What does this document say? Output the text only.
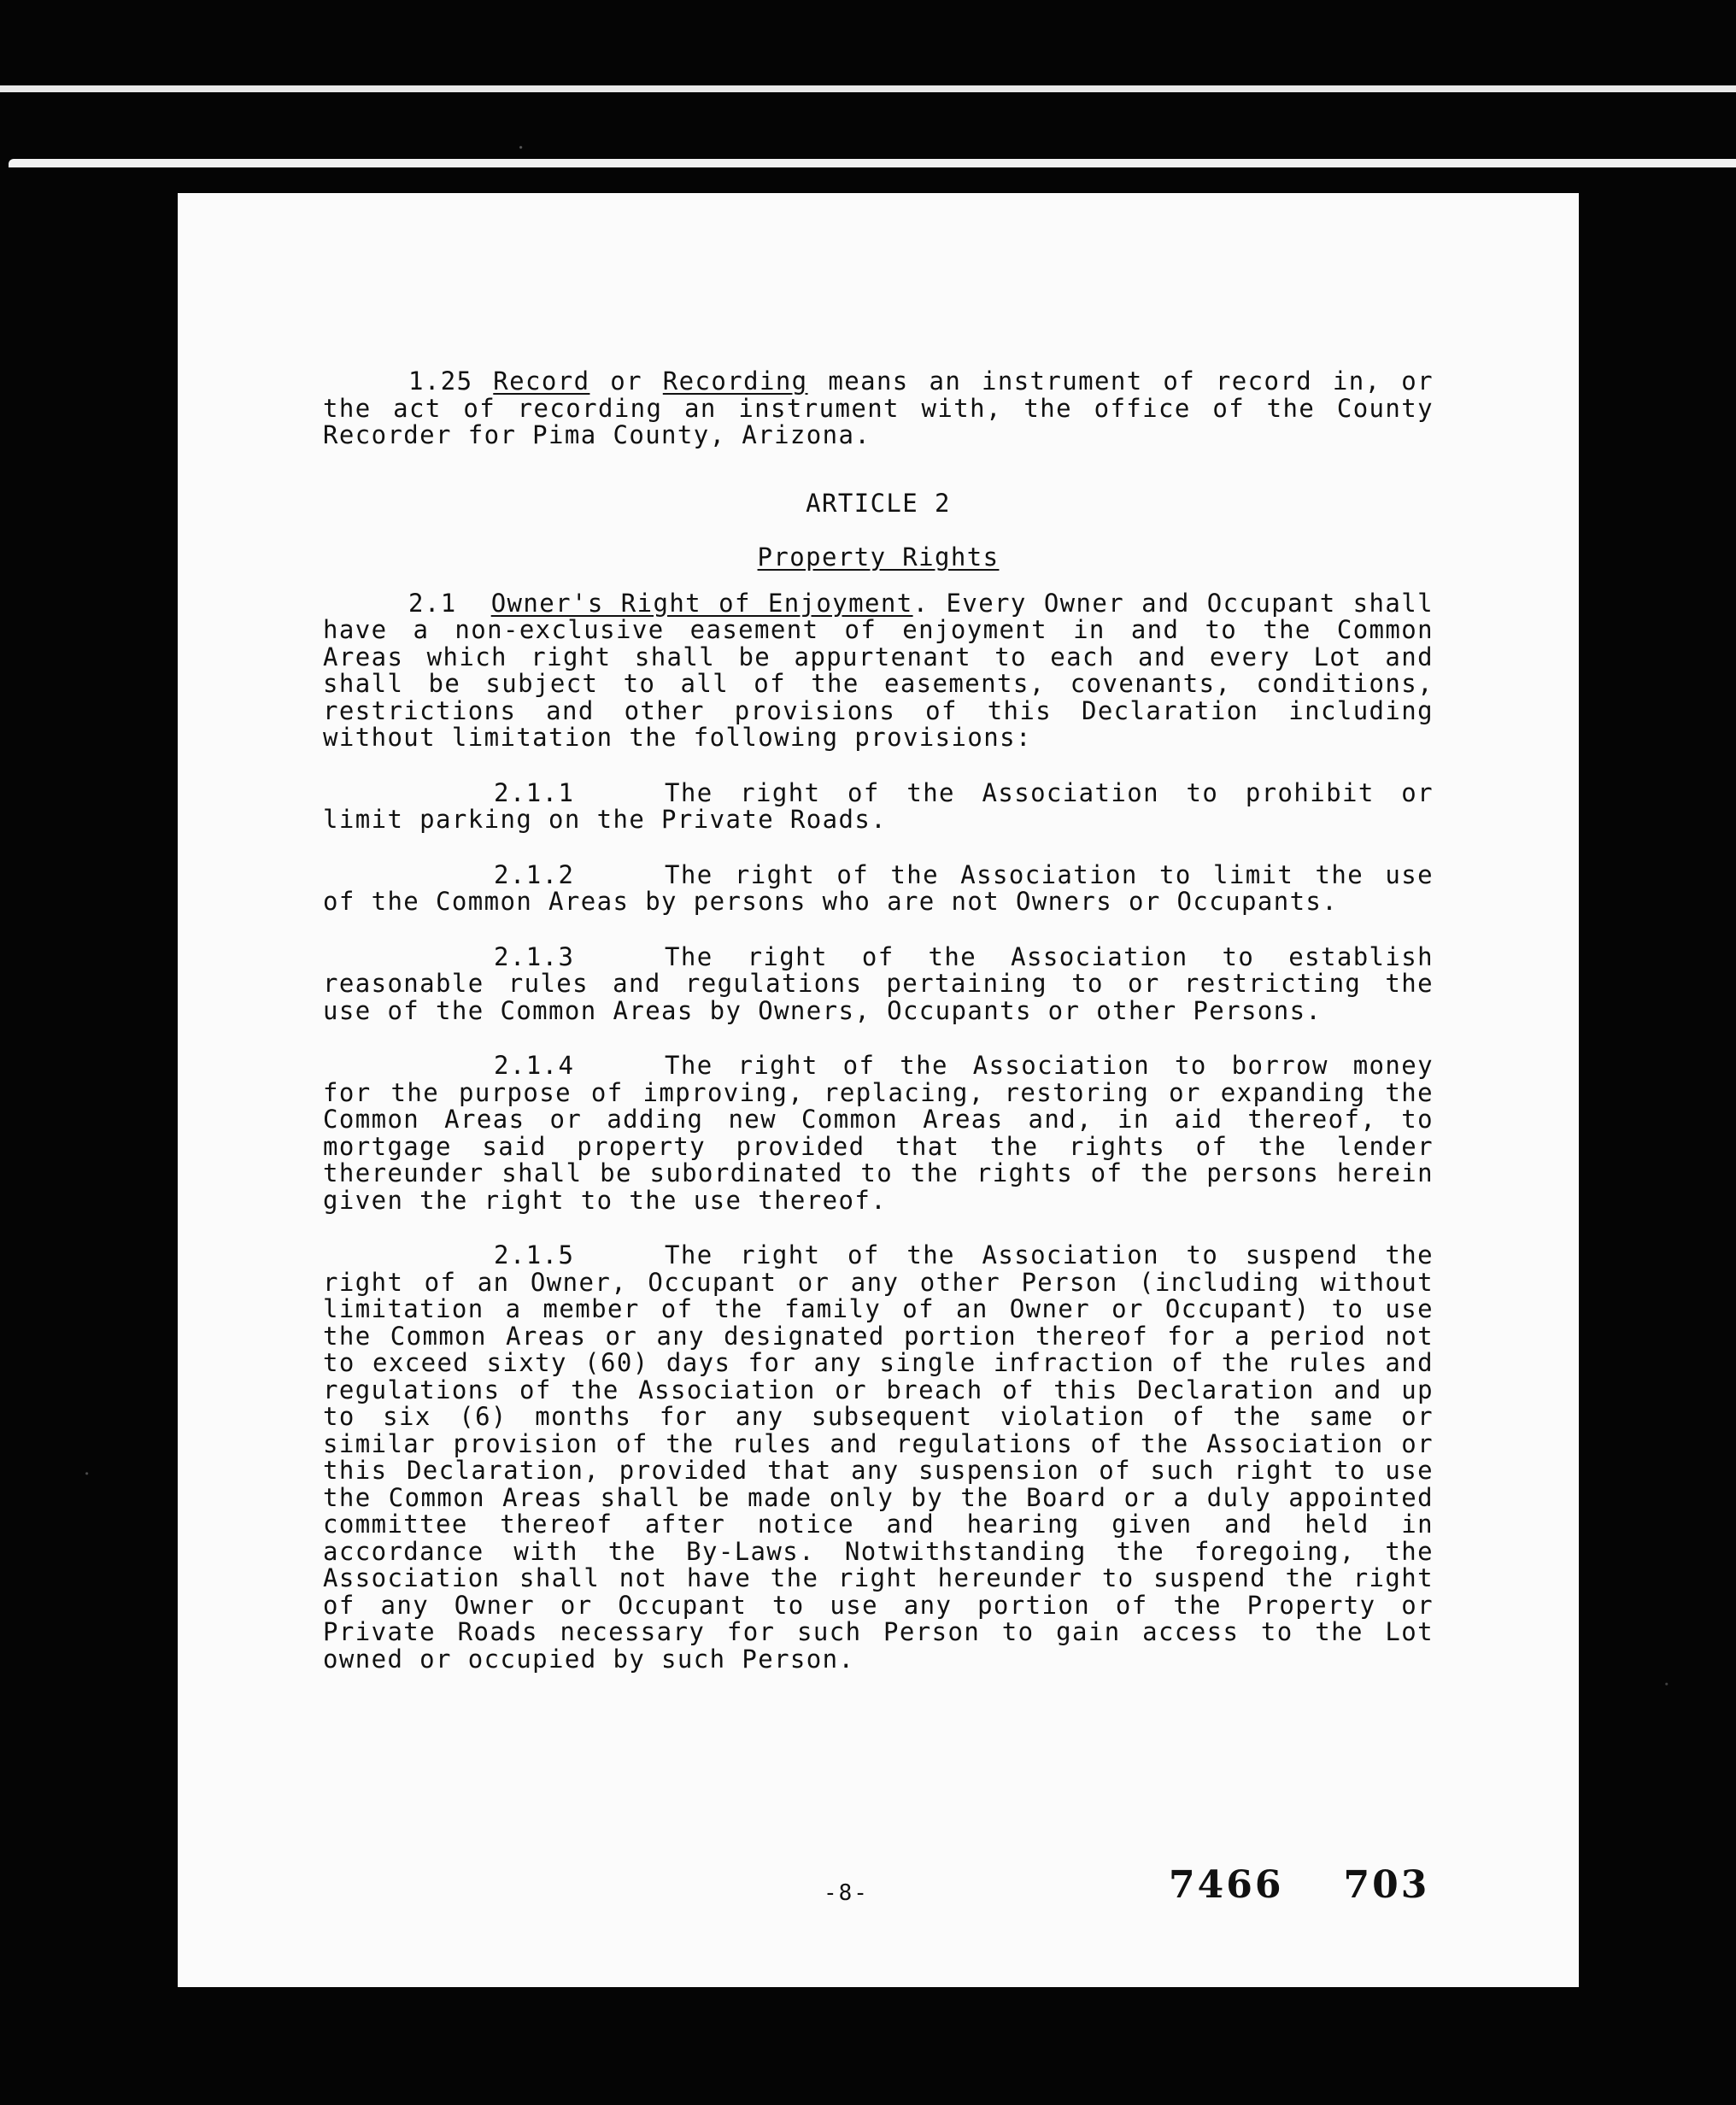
1.25 Record or Recording means an instrument of record in, or the act of recording an instrument with, the office of the County Recorder for Pima County, Arizona.

ARTICLE 2

Property Rights

2.1 Owner's Right of Enjoyment. Every Owner and Occupant shall have a non-exclusive easement of enjoyment in and to the Common Areas which right shall be appurtenant to each and every Lot and shall be subject to all of the easements, covenants, conditions, restrictions and other provisions of this Declaration including without limitation the following provisions:

2.1.1	The right of the Association to prohibit or limit parking on the Private Roads.

2.1.2	The right of the Association to limit the use of the Common Areas by persons who are not Owners or Occupants.

2.1.3	The right of the Association to establish reasonable rules and regulations pertaining to or restricting the use of the Common Areas by Owners, Occupants or other Persons.

2.1.4	The right of the Association to borrow money for the purpose of improving, replacing, restoring or expanding the Common Areas or adding new Common Areas and, in aid thereof, to mortgage said property provided that the rights of the lender thereunder shall be subordinated to the rights of the persons herein given the right to the use thereof.

2.1.5	The right of the Association to suspend the right of an Owner, Occupant or any other Person (including without limitation a member of the family of an Owner or Occupant) to use the Common Areas or any designated portion thereof for a period not to exceed sixty (60) days for any single infraction of the rules and regulations of the Association or breach of this Declaration and up to six (6) months for any subsequent violation of the same or similar provision of the rules and regulations of the Association or this Declaration, provided that any suspension of such right to use the Common Areas shall be made only by the Board or a duly appointed committee thereof after notice and hearing given and held in accordance with the By-Laws. Notwithstanding the foregoing, the Association shall not have the right hereunder to suspend the right of any Owner or Occupant to use any portion of the Property or Private Roads necessary for such Person to gain access to the Lot owned or occupied by such Person.

-8-	7466 703
